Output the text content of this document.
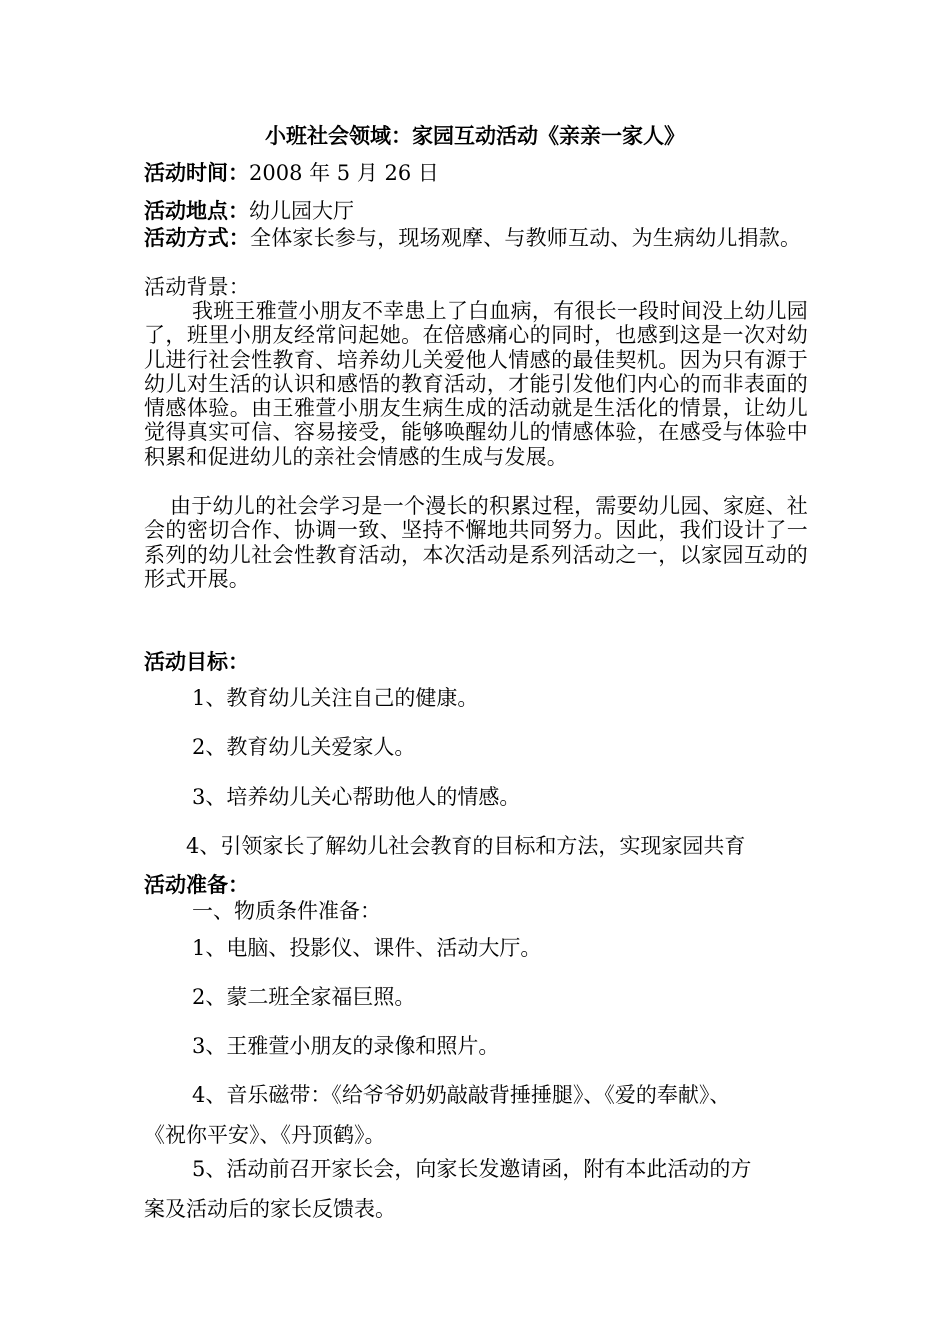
小班社会领域：家园互动活动《亲亲一家人》
活动时间：2008 年 5 月 26 日
活动地点：幼儿园大厅
活动方式：全体家长参与，现场观摩、与教师互动、为生病幼儿捐款。
活动背景：
我班王雅萱小朋友不幸患上了白血病，有很长一段时间没上幼儿园了，班里小朋友经常问起她。在倍感痛心的同时，也感到这是一次对幼儿进行社会性教育、培养幼儿关爱他人情感的最佳契机。因为只有源于幼儿对生活的认识和感悟的教育活动，才能引发他们内心的而非表面的情感体验。由王雅萱小朋友生病生成的活动就是生活化的情景，让幼儿觉得真实可信、容易接受，能够唤醒幼儿的情感体验，在感受与体验中积累和促进幼儿的亲社会情感的生成与发展。
由于幼儿的社会学习是一个漫长的积累过程，需要幼儿园、家庭、社会的密切合作、协调一致、坚持不懈地共同努力。因此，我们设计了一系列的幼儿社会性教育活动，本次活动是系列活动之一，以家园互动的形式开展。
活动目标：
1、教育幼儿关注自己的健康。
2、教育幼儿关爱家人。
3、培养幼儿关心帮助他人的情感。
4、引领家长了解幼儿社会教育的目标和方法，实现家园共育
活动准备：
一、物质条件准备：
1、电脑、投影仪、课件、活动大厅。
2、蒙二班全家福巨照。
3、王雅萱小朋友的录像和照片。
4、音乐磁带：《给爷爷奶奶敲敲背捶捶腿》、《爱的奉献》、
《祝你平安》、《丹顶鹤》。
5、活动前召开家长会，向家长发邀请函，附有本此活动的方
案及活动后的家长反馈表。
